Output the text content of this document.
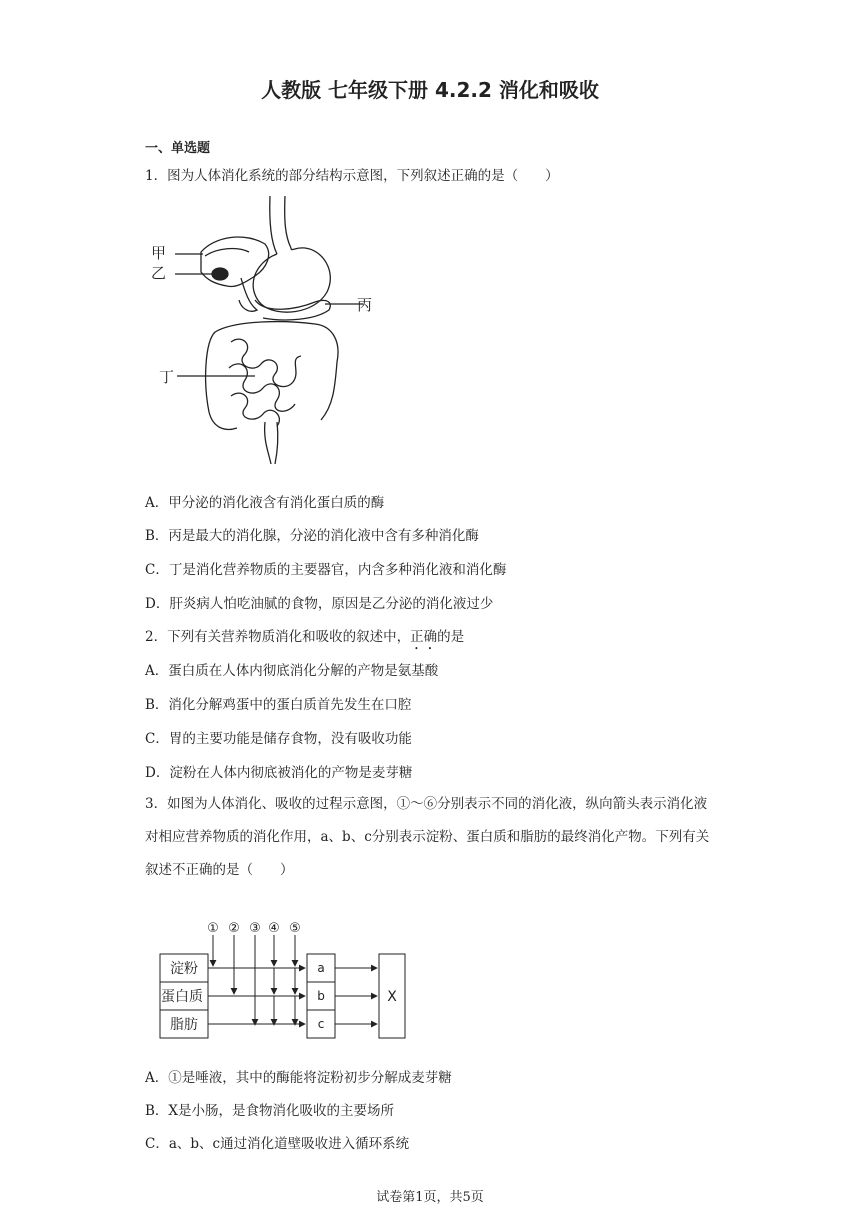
人教版 七年级下册 4.2.2 消化和吸收
一、单选题
1．图为人体消化系统的部分结构示意图，下列叙述正确的是（　　）
甲
乙
丙
丁
A．甲分泌的消化液含有消化蛋白质的酶
B．丙是最大的消化腺，分泌的消化液中含有多种消化酶
C．丁是消化营养物质的主要器官，内含多种消化液和消化酶
D．肝炎病人怕吃油腻的食物，原因是乙分泌的消化液过少
2．下列有关营养物质消化和吸收的叙述中，正确的是
A．蛋白质在人体内彻底消化分解的产物是氨基酸
B．消化分解鸡蛋中的蛋白质首先发生在口腔
C．胃的主要功能是储存食物，没有吸收功能
D．淀粉在人体内彻底被消化的产物是麦芽糖
3．如图为人体消化、吸收的过程示意图，①～⑥分别表示不同的消化液，纵向箭头表示消化液对相应营养物质的消化作用，a、b、c分别表示淀粉、蛋白质和脂肪的最终消化产物。下列有关叙述不正确的是（　　）
① ② ③ ④ ⑤
淀粉
蛋白质
脂肪
a
b
c
X
A．①是唾液，其中的酶能将淀粉初步分解成麦芽糖
B．X是小肠，是食物消化吸收的主要场所
C．a、b、c通过消化道壁吸收进入循环系统
试卷第1页，共5页
